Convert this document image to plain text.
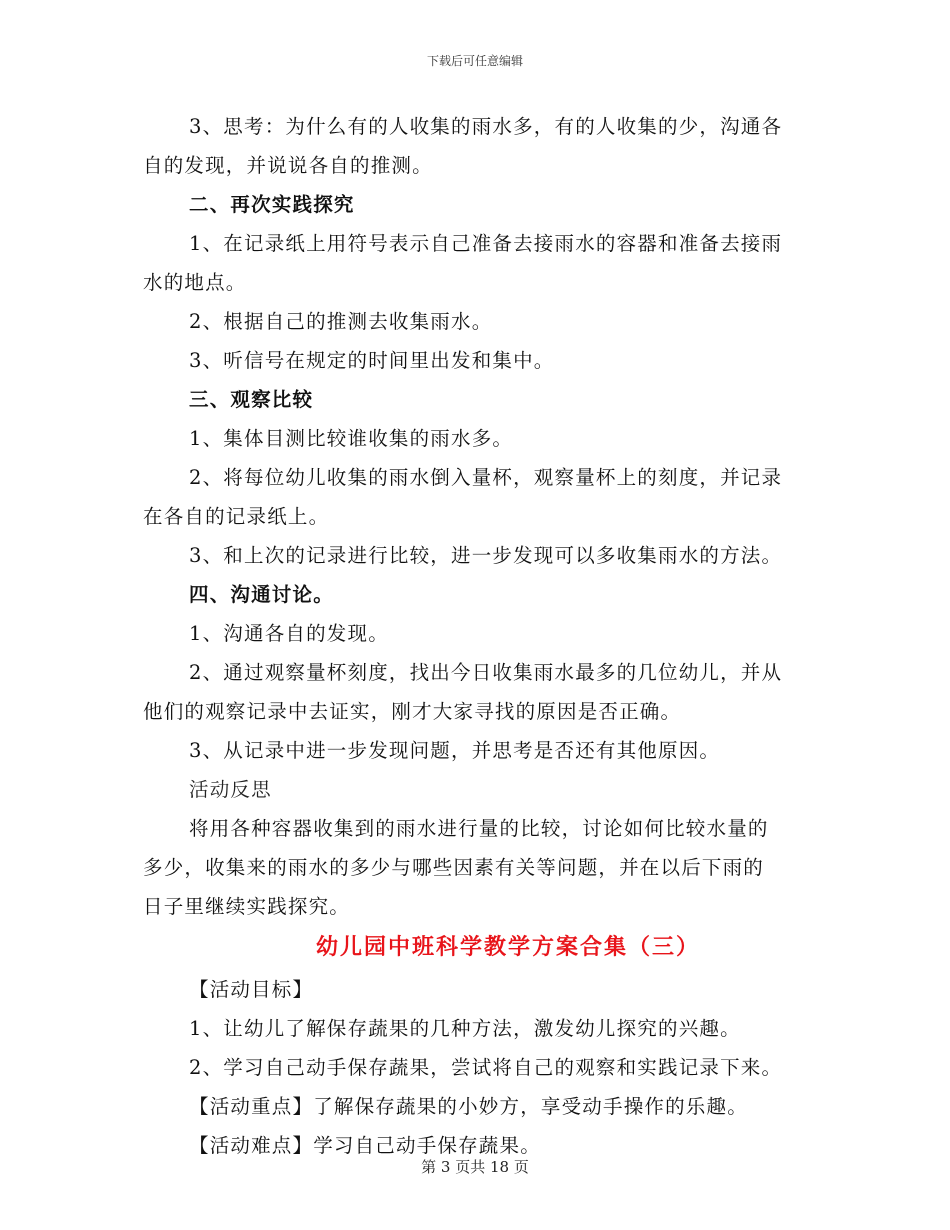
下载后可任意编辑
3、思考：为什么有的人收集的雨水多，有的人收集的少，沟通各
自的发现，并说说各自的推测。
二、再次实践探究
1、在记录纸上用符号表示自己准备去接雨水的容器和准备去接雨
水的地点。
2、根据自己的推测去收集雨水。
3、听信号在规定的时间里出发和集中。
三、观察比较
1、集体目测比较谁收集的雨水多。
2、将每位幼儿收集的雨水倒入量杯，观察量杯上的刻度，并记录
在各自的记录纸上。
3、和上次的记录进行比较，进一步发现可以多收集雨水的方法。
四、沟通讨论。
1、沟通各自的发现。
2、通过观察量杯刻度，找出今日收集雨水最多的几位幼儿，并从
他们的观察记录中去证实，刚才大家寻找的原因是否正确。
3、从记录中进一步发现问题，并思考是否还有其他原因。
活动反思
将用各种容器收集到的雨水进行量的比较，讨论如何比较水量的
多少，收集来的雨水的多少与哪些因素有关等问题，并在以后下雨的
日子里继续实践探究。
幼儿园中班科学教学方案合集（三）
【活动目标】
1、让幼儿了解保存蔬果的几种方法，激发幼儿探究的兴趣。
2、学习自己动手保存蔬果，尝试将自己的观察和实践记录下来。
【活动重点】了解保存蔬果的小妙方，享受动手操作的乐趣。
【活动难点】学习自己动手保存蔬果。
第 3 页共 18 页
